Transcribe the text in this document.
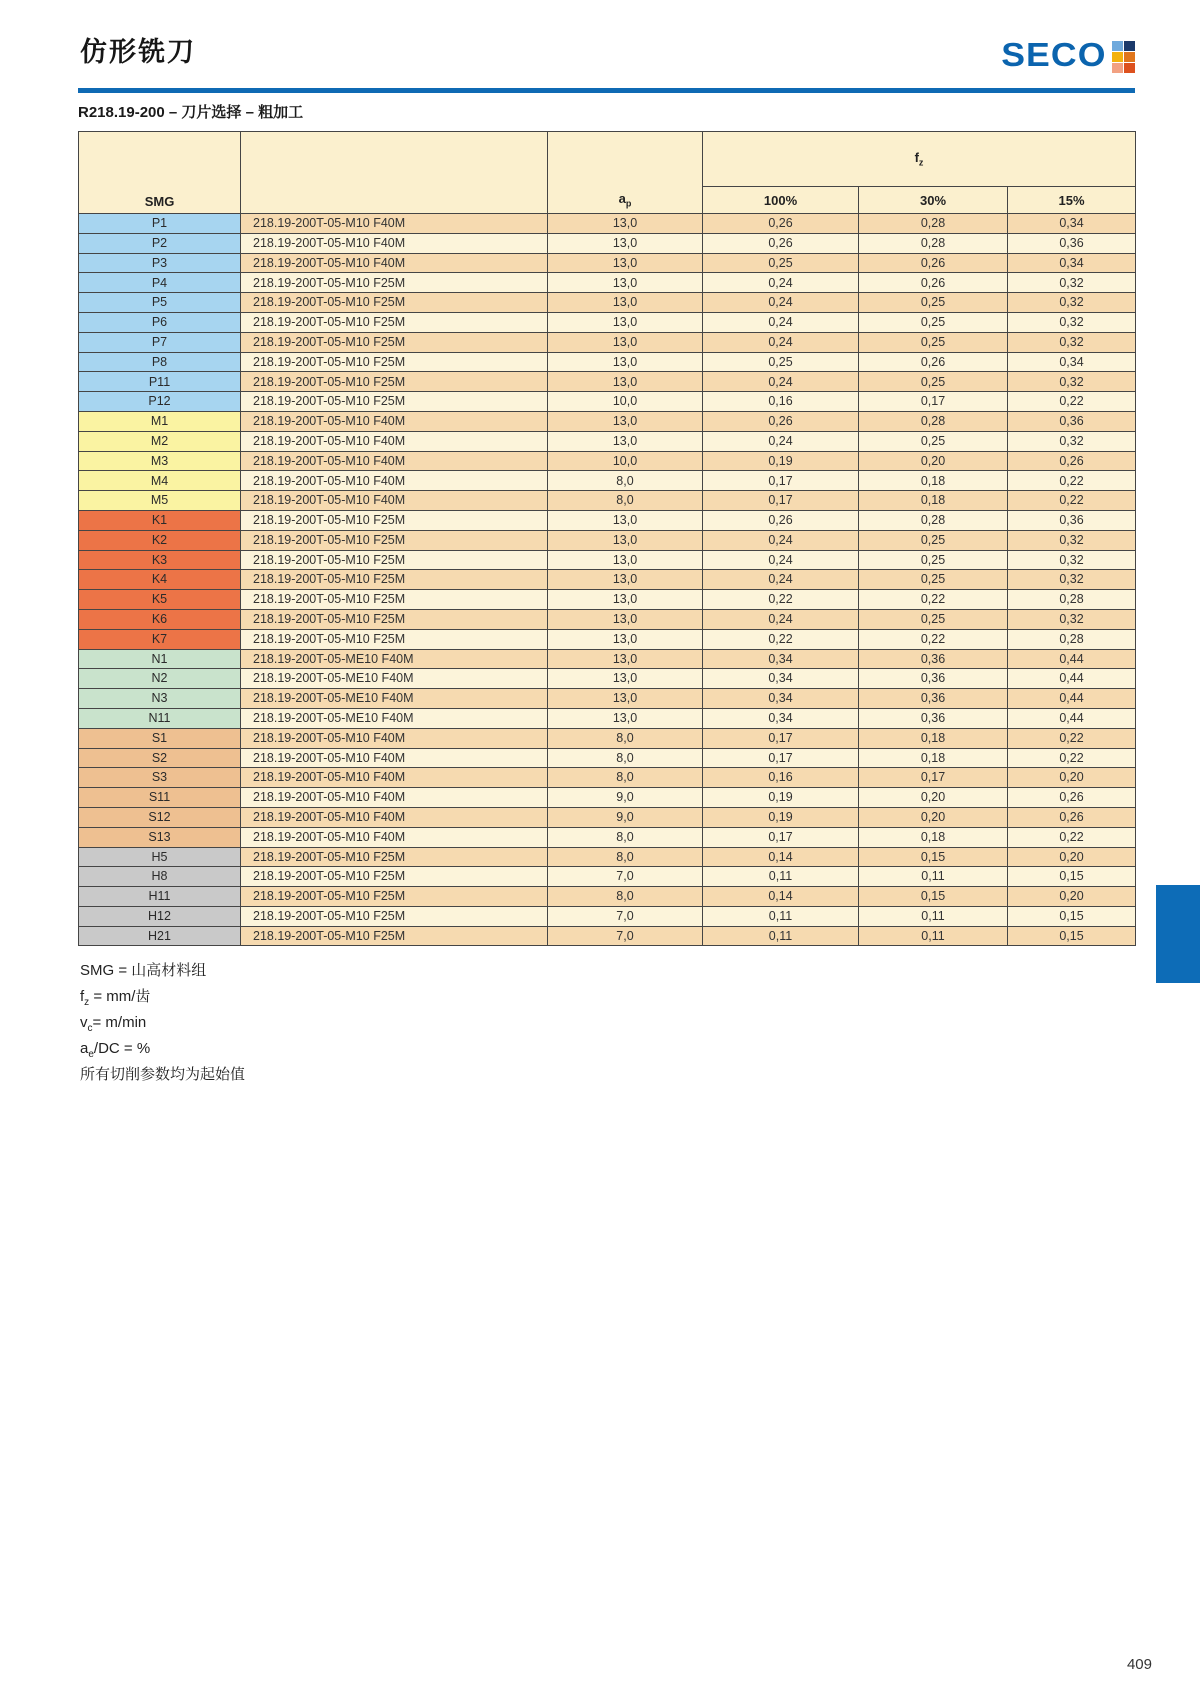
仿形铣刀	SECO
R218.19-200 – 刀片选择 – 粗加工
SMG		$a_p$	$f_z$
			100%	30%	15%
P1	218.19-200T-05-M10 F40M	13,0	0,26	0,28	0,34
P2	218.19-200T-05-M10 F40M	13,0	0,26	0,28	0,36
P3	218.19-200T-05-M10 F40M	13,0	0,25	0,26	0,34
P4	218.19-200T-05-M10 F25M	13,0	0,24	0,26	0,32
P5	218.19-200T-05-M10 F25M	13,0	0,24	0,25	0,32
P6	218.19-200T-05-M10 F25M	13,0	0,24	0,25	0,32
P7	218.19-200T-05-M10 F25M	13,0	0,24	0,25	0,32
P8	218.19-200T-05-M10 F25M	13,0	0,25	0,26	0,34
P11	218.19-200T-05-M10 F25M	13,0	0,24	0,25	0,32
P12	218.19-200T-05-M10 F25M	10,0	0,16	0,17	0,22
M1	218.19-200T-05-M10 F40M	13,0	0,26	0,28	0,36
M2	218.19-200T-05-M10 F40M	13,0	0,24	0,25	0,32
M3	218.19-200T-05-M10 F40M	10,0	0,19	0,20	0,26
M4	218.19-200T-05-M10 F40M	8,0	0,17	0,18	0,22
M5	218.19-200T-05-M10 F40M	8,0	0,17	0,18	0,22
K1	218.19-200T-05-M10 F25M	13,0	0,26	0,28	0,36
K2	218.19-200T-05-M10 F25M	13,0	0,24	0,25	0,32
K3	218.19-200T-05-M10 F25M	13,0	0,24	0,25	0,32
K4	218.19-200T-05-M10 F25M	13,0	0,24	0,25	0,32
K5	218.19-200T-05-M10 F25M	13,0	0,22	0,22	0,28
K6	218.19-200T-05-M10 F25M	13,0	0,24	0,25	0,32
K7	218.19-200T-05-M10 F25M	13,0	0,22	0,22	0,28
N1	218.19-200T-05-ME10 F40M	13,0	0,34	0,36	0,44
N2	218.19-200T-05-ME10 F40M	13,0	0,34	0,36	0,44
N3	218.19-200T-05-ME10 F40M	13,0	0,34	0,36	0,44
N11	218.19-200T-05-ME10 F40M	13,0	0,34	0,36	0,44
S1	218.19-200T-05-M10 F40M	8,0	0,17	0,18	0,22
S2	218.19-200T-05-M10 F40M	8,0	0,17	0,18	0,22
S3	218.19-200T-05-M10 F40M	8,0	0,16	0,17	0,20
S11	218.19-200T-05-M10 F40M	9,0	0,19	0,20	0,26
S12	218.19-200T-05-M10 F40M	9,0	0,19	0,20	0,26
S13	218.19-200T-05-M10 F40M	8,0	0,17	0,18	0,22
H5	218.19-200T-05-M10 F25M	8,0	0,14	0,15	0,20
H8	218.19-200T-05-M10 F25M	7,0	0,11	0,11	0,15
H11	218.19-200T-05-M10 F25M	8,0	0,14	0,15	0,20
H12	218.19-200T-05-M10 F25M	7,0	0,11	0,11	0,15
H21	218.19-200T-05-M10 F25M	7,0	0,11	0,11	0,15
SMG = 山高材料组
$f_z = mm/$齿
$v_c= m/\min$
$a_e/DC$ = %
所有切削参数均为起始值
409
